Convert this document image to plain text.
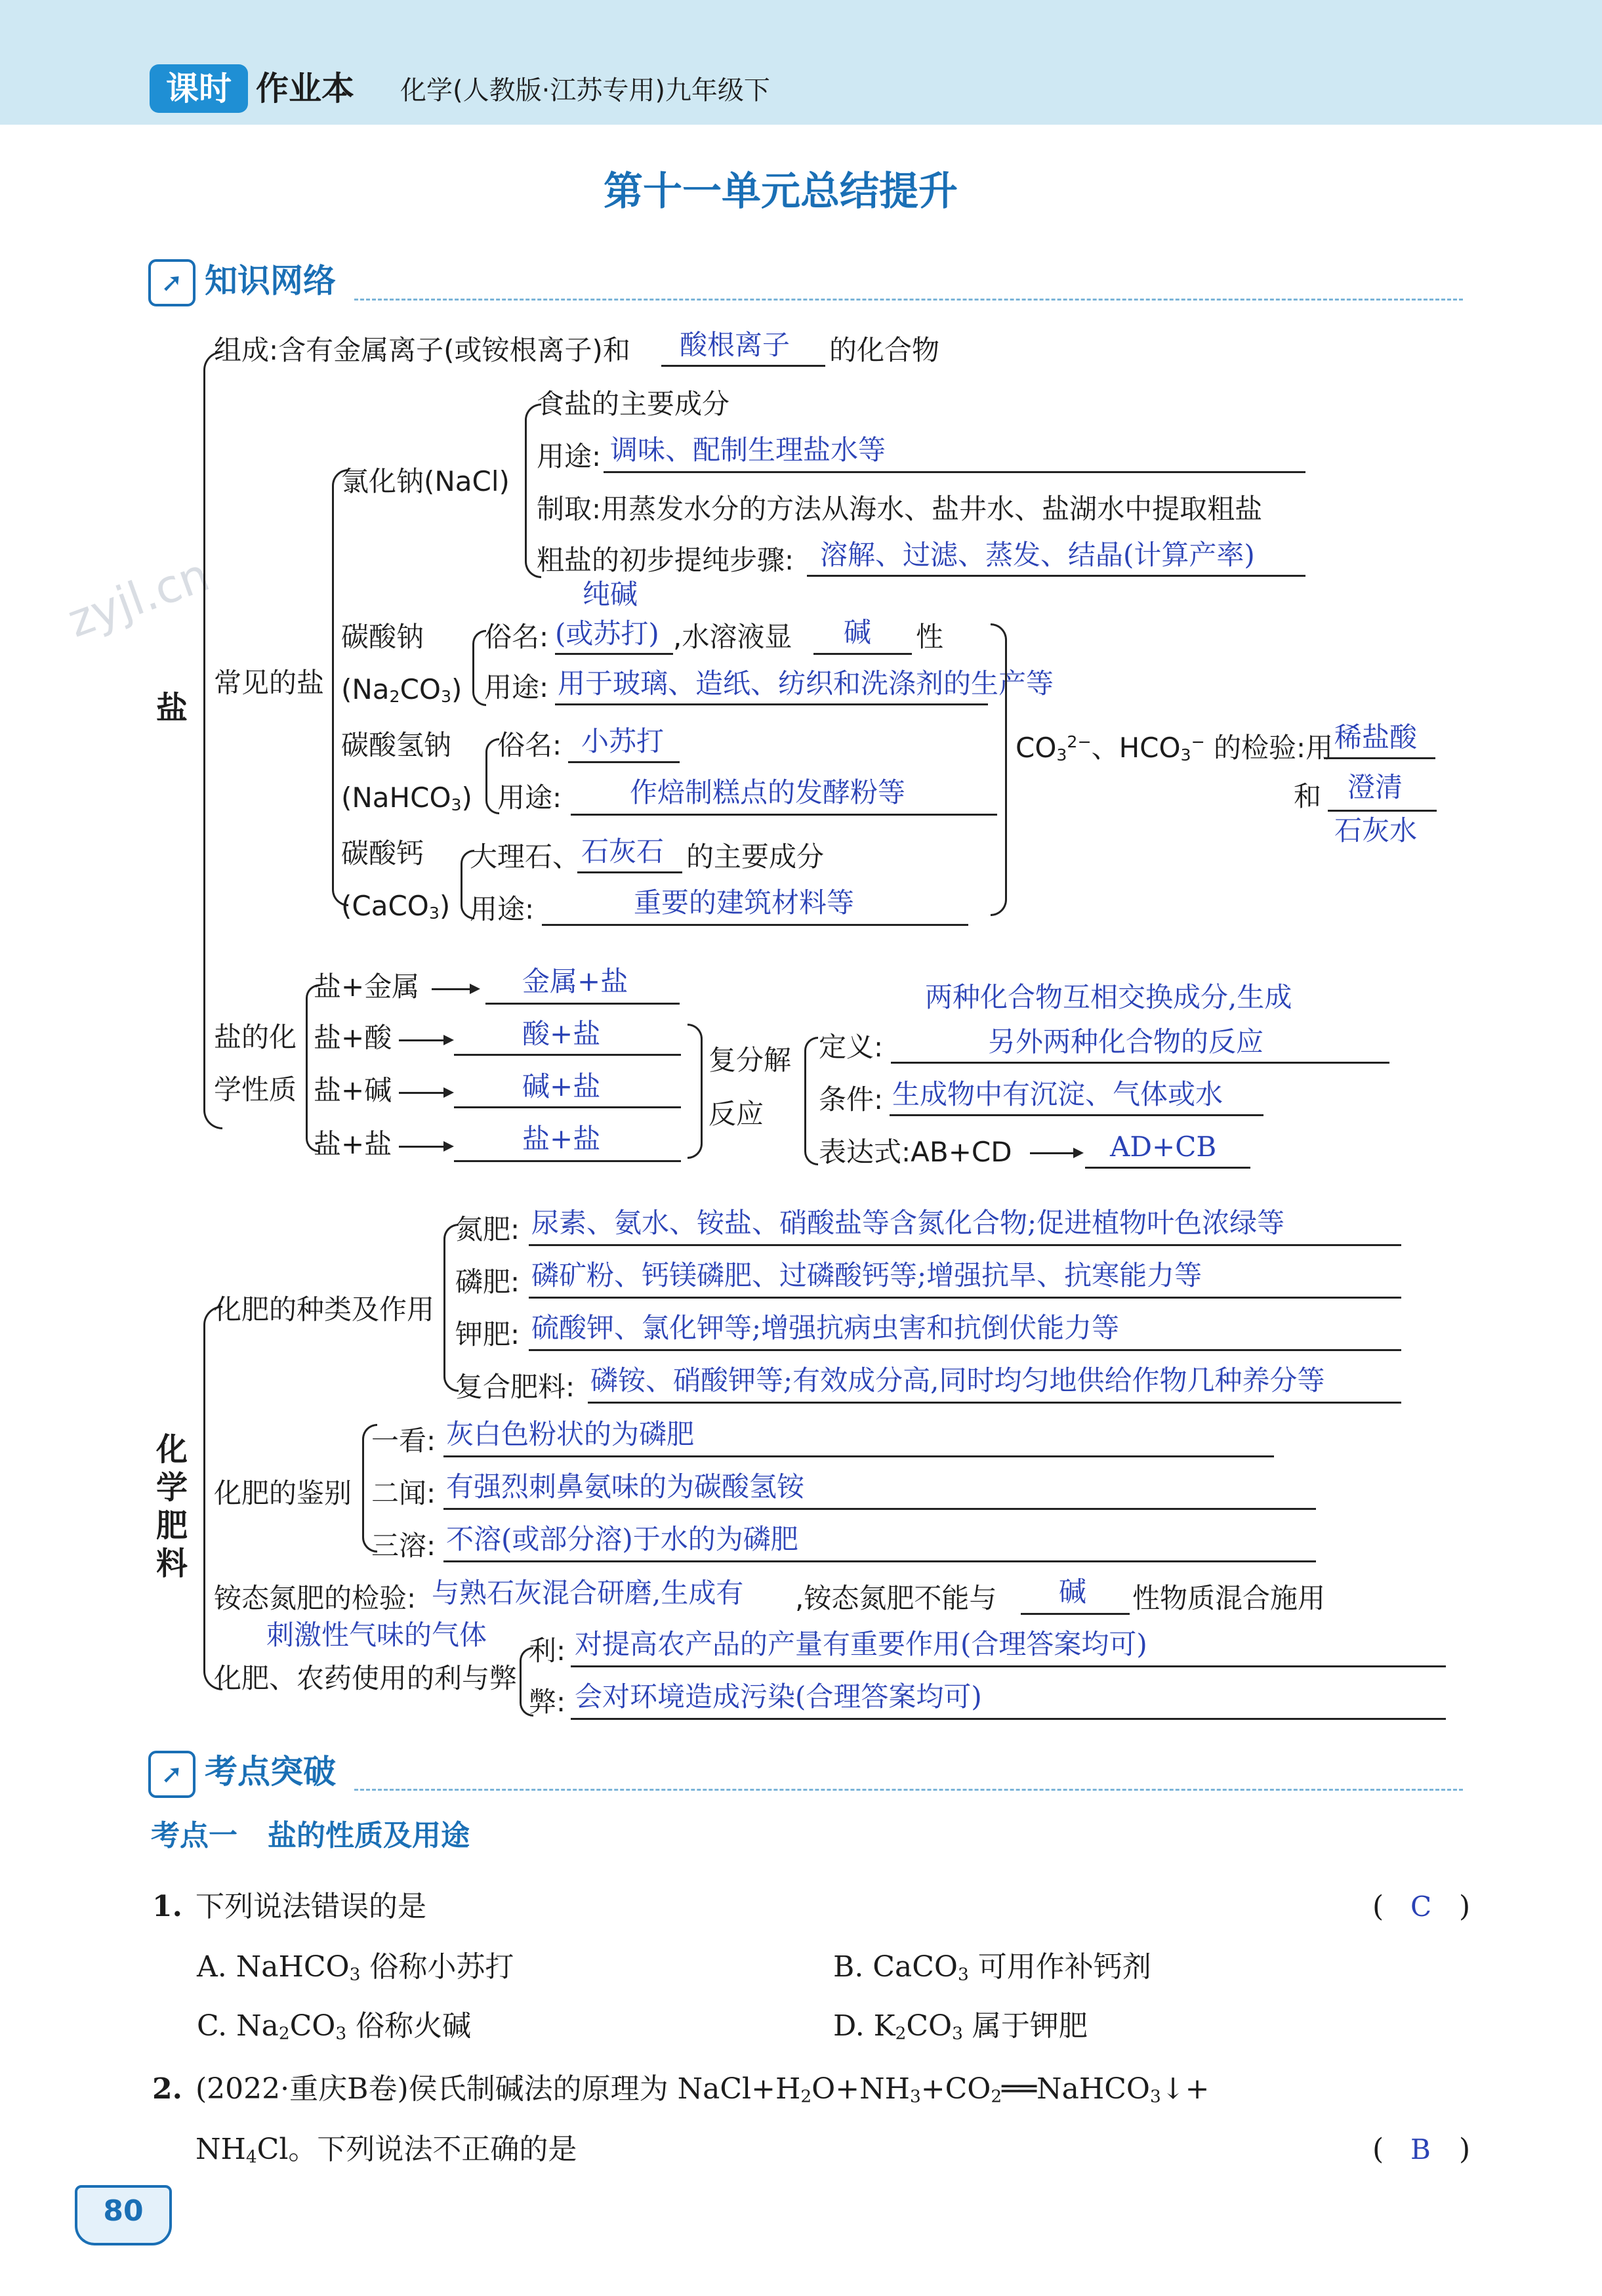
课时 作业本 化学(人教版·江苏专用)九年级下
zyjl.cn
第十一单元总结提升
➚ 知识网络
盐
组成:含有金属离子(或铵根离子)和 酸根离子 的化合物
常见的盐
氯化钠(NaCl)
食盐的主要成分
用途: 调味、配制生理盐水等
制取:用蒸发水分的方法从海水、盐井水、盐湖水中提取粗盐
粗盐的初步提纯步骤: 溶解、过滤、蒸发、结晶(计算产率)
纯碱
碳酸钠
$(Na_2CO_3)$
俗名: (或苏打) ,水溶液显 碱 性
用途: 用于玻璃、造纸、纺织和洗涤剂的生产等
碳酸氢钠
(NaHCO$_3$)
俗名: 小苏打
用途: 作焙制糕点的发酵粉等
碳酸钙
(CaCO$_3$)
大理石、 石灰石 的主要成分
用途:	重要的建筑材料等
$CO_3^{2-}$、$HCO_3^-$ 的检验:用 稀盐酸
和 澄清
石灰水
盐的化
学性质
盐+金属	金属+盐
盐+酸	酸+盐
盐+碱	碱+盐
盐+盐	盐+盐
复分解
反应
两种化合物互相交换成分,生成
定义:	另外两种化合物的反应
条件: 生成物中有沉淀、气体或水
表达式:AB+CD	AD+CB
化学肥料
化肥的种类及作用
氮肥: 尿素、氨水、铵盐、硝酸盐等含氮化合物;促进植物叶色浓绿等
磷肥: 磷矿粉、钙镁磷肥、过磷酸钙等;增强抗旱、抗寒能力等
钾肥: 硫酸钾、氯化钾等;增强抗病虫害和抗倒伏能力等
复合肥料: 磷铵、硝酸钾等;有效成分高,同时均匀地供给作物几种养分等
化肥的鉴别
一看: 灰白色粉状的为磷肥
二闻: 有强烈刺鼻氨味的为碳酸氢铵
三溶: 不溶(或部分溶)于水的为磷肥
铵态氮肥的检验: 与熟石灰混合研磨,生成有 ,铵态氮肥不能与 碱 性物质混合施用
刺激性气味的气体
化肥、农药使用的利与弊
利: 对提高农产品的产量有重要作用(合理答案均可)
弊: 会对环境造成污染(合理答案均可)
➚ 考点突破
考点一   盐的性质及用途
1. 下列说法错误的是	( C )
A. NaHCO$_3$ 俗称小苏打	B. CaCO$_3$ 可用作补钙剂
C. $Na_2CO_3$ 俗称火碱	D. $K_2CO_3$ 属于钾肥
2. (2022·重庆B卷)侯氏制碱法的原理为 $NaCl+H_2O+NH_3+CO_2══NaHCO_3↓+$
$NH_4Cl$。下列说法不正确的是	( B )
80
